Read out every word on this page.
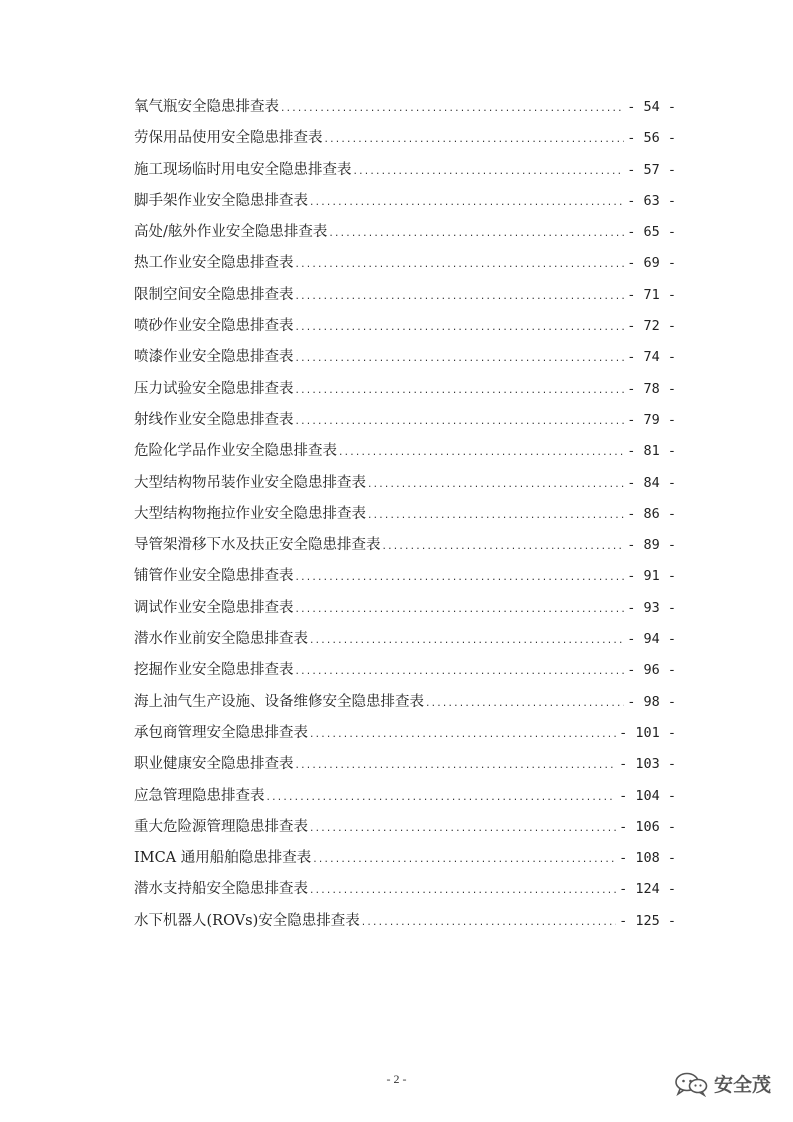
氧气瓶安全隐患排查表 .....	- 54 -
劳保用品使用安全隐患排查表 .....	- 56 -
施工现场临时用电安全隐患排查表 .....	- 57 -
脚手架作业安全隐患排查表 .....	- 63 -
高处/舷外作业安全隐患排查表 .....	- 65 -
热工作业安全隐患排查表 .....	- 69 -
限制空间安全隐患排查表 .....	- 71 -
喷砂作业安全隐患排查表 .....	- 72 -
喷漆作业安全隐患排查表 .....	- 74 -
压力试验安全隐患排查表 .....	- 78 -
射线作业安全隐患排查表 .....	- 79 -
危险化学品作业安全隐患排查表 .....	- 81 -
大型结构物吊装作业安全隐患排查表 .....	- 84 -
大型结构物拖拉作业安全隐患排查表 .....	- 86 -
导管架滑移下水及扶正安全隐患排查表 .....	- 89 -
铺管作业安全隐患排查表 .....	- 91 -
调试作业安全隐患排查表 .....	- 93 -
潜水作业前安全隐患排查表 .....	- 94 -
挖掘作业安全隐患排查表 .....	- 96 -
海上油气生产设施、设备维修安全隐患排查表 .....	- 98 -
承包商管理安全隐患排查表 .....	- 101 -
职业健康安全隐患排查表 .....	- 103 -
应急管理隐患排查表 .....	- 104 -
重大危险源管理隐患排查表 .....	- 106 -
IMCA 通用船舶隐患排查表 .....	- 108 -
潜水支持船安全隐患排查表 .....	- 124 -
水下机器人(ROVs)安全隐患排查表 .....	- 125 -
- 2 -	安全茂
